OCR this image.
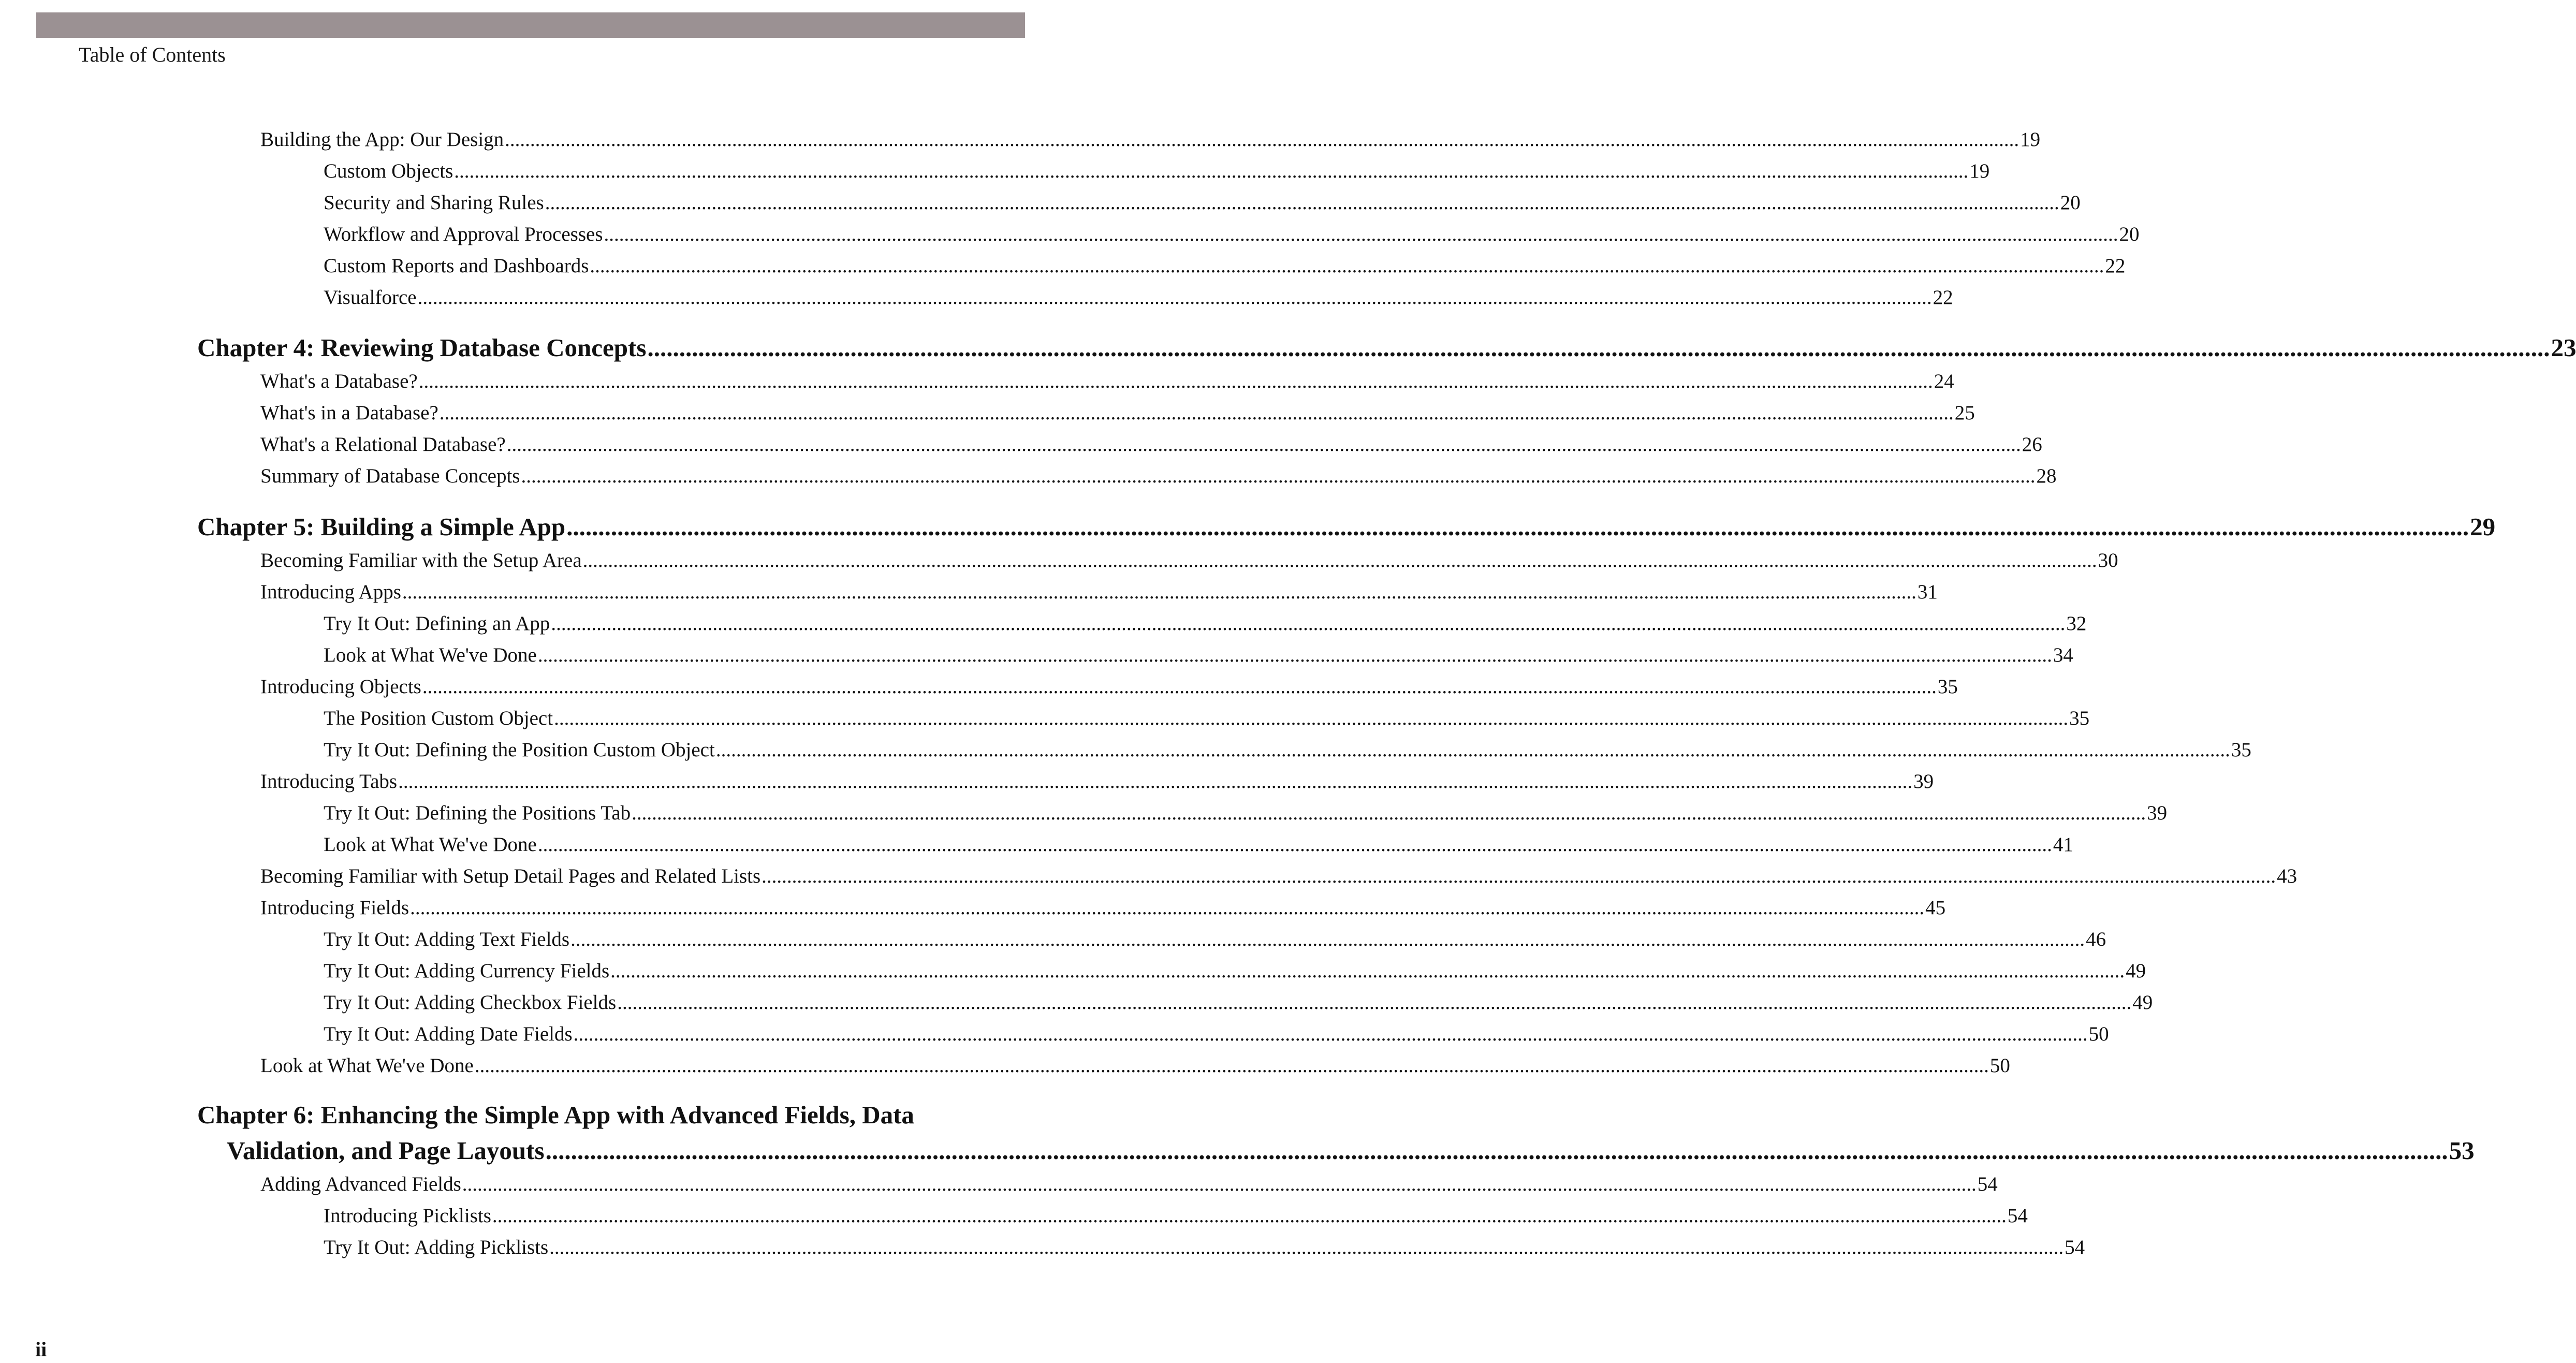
Table of Contents
Building the App: Our Design ............................................................................................................................................................................................................................................................................................................ 19
Custom Objects ............................................................................................................................................................................................................................................................................................................ 19
Security and Sharing Rules ............................................................................................................................................................................................................................................................................................................ 20
Workflow and Approval Processes ............................................................................................................................................................................................................................................................................................................ 20
Custom Reports and Dashboards ............................................................................................................................................................................................................................................................................................................ 22
Visualforce ............................................................................................................................................................................................................................................................................................................ 22
Chapter 4: Reviewing Database Concepts ............................................................................................................................................................................................................................................................................................................ 23
What's a Database? ............................................................................................................................................................................................................................................................................................................ 24
What's in a Database? ............................................................................................................................................................................................................................................................................................................ 25
What's a Relational Database? ............................................................................................................................................................................................................................................................................................................ 26
Summary of Database Concepts ............................................................................................................................................................................................................................................................................................................ 28
Chapter 5: Building a Simple App ............................................................................................................................................................................................................................................................................................................ 29
Becoming Familiar with the Setup Area ............................................................................................................................................................................................................................................................................................................ 30
Introducing Apps ............................................................................................................................................................................................................................................................................................................ 31
Try It Out: Defining an App ............................................................................................................................................................................................................................................................................................................ 32
Look at What We've Done ............................................................................................................................................................................................................................................................................................................ 34
Introducing Objects ............................................................................................................................................................................................................................................................................................................ 35
The Position Custom Object ............................................................................................................................................................................................................................................................................................................ 35
Try It Out: Defining the Position Custom Object ............................................................................................................................................................................................................................................................................................................ 35
Introducing Tabs ............................................................................................................................................................................................................................................................................................................ 39
Try It Out: Defining the Positions Tab ............................................................................................................................................................................................................................................................................................................ 39
Look at What We've Done ............................................................................................................................................................................................................................................................................................................ 41
Becoming Familiar with Setup Detail Pages and Related Lists ............................................................................................................................................................................................................................................................................................................ 43
Introducing Fields ............................................................................................................................................................................................................................................................................................................ 45
Try It Out: Adding Text Fields ............................................................................................................................................................................................................................................................................................................ 46
Try It Out: Adding Currency Fields ............................................................................................................................................................................................................................................................................................................ 49
Try It Out: Adding Checkbox Fields ............................................................................................................................................................................................................................................................................................................ 49
Try It Out: Adding Date Fields ............................................................................................................................................................................................................................................................................................................ 50
Look at What We've Done ............................................................................................................................................................................................................................................................................................................ 50
Chapter 6: Enhancing the Simple App with Advanced Fields, Data
Validation, and Page Layouts ............................................................................................................................................................................................................................................................................................................ 53
Adding Advanced Fields ............................................................................................................................................................................................................................................................................................................ 54
Introducing Picklists ............................................................................................................................................................................................................................................................................................................ 54
Try It Out: Adding Picklists ............................................................................................................................................................................................................................................................................................................ 54
ii
